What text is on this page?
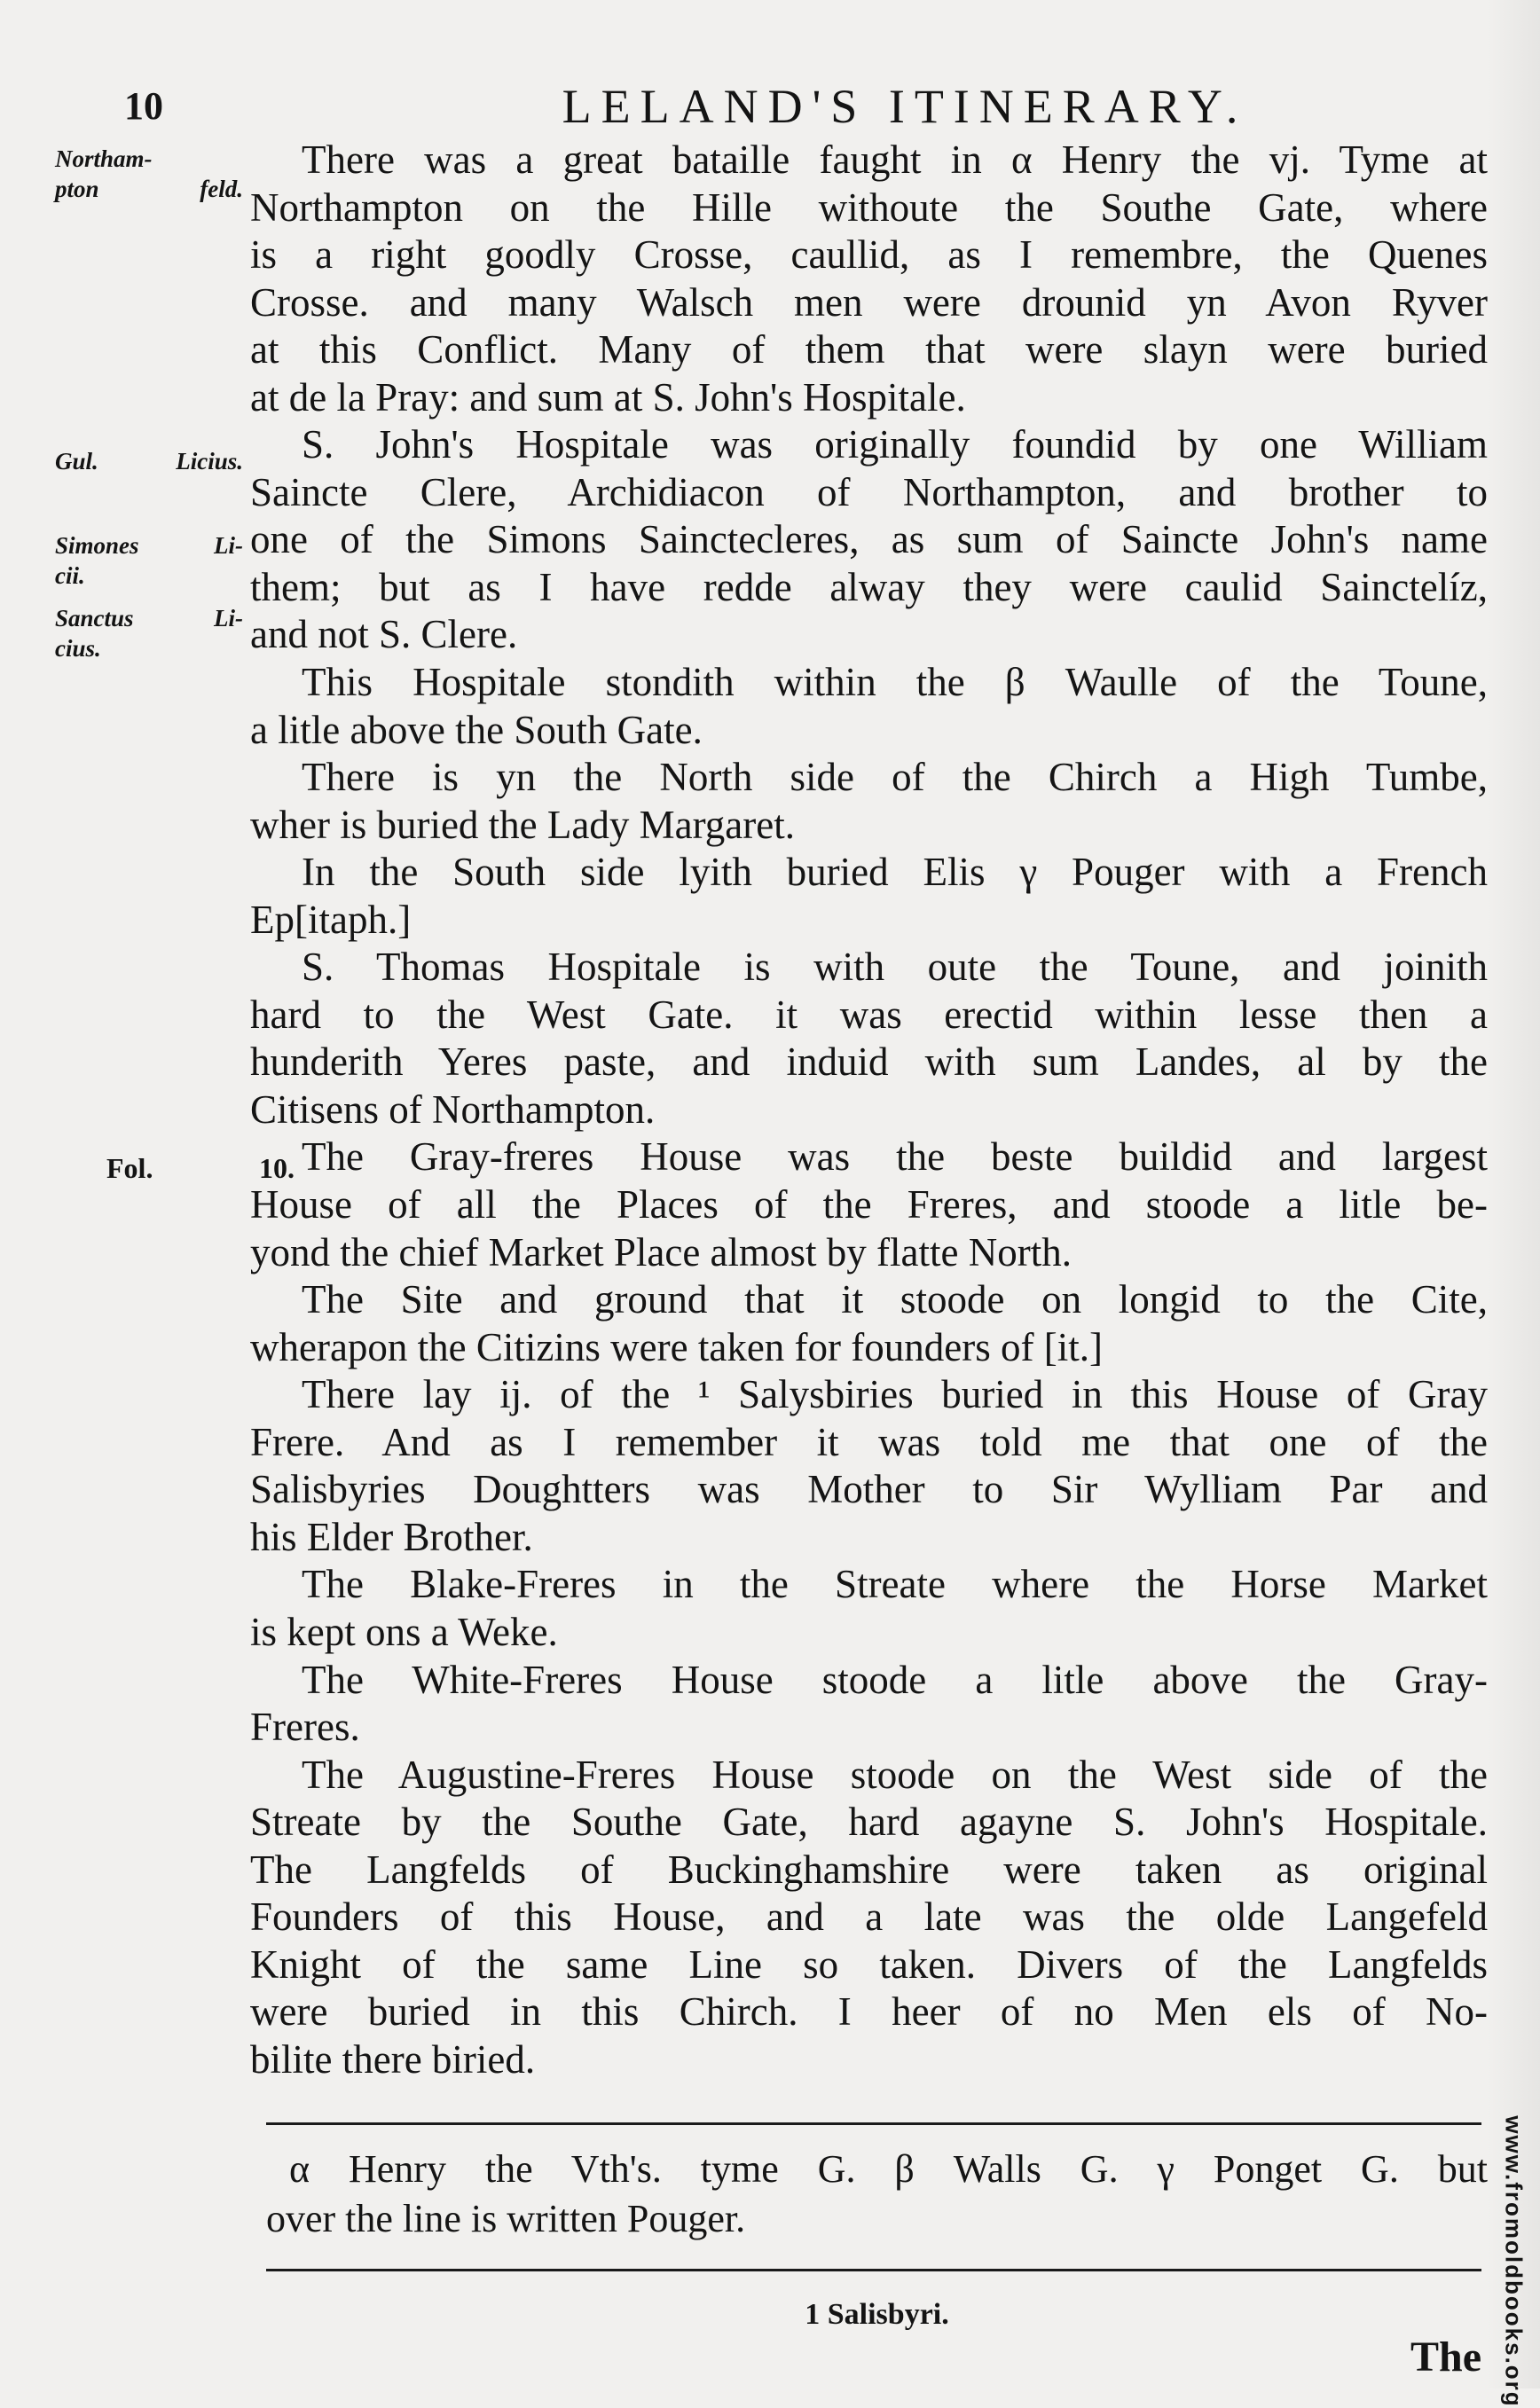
10	LELAND'S ITINERARY.
Northam-
pton feld.
Gul. Licius.
Simones Li-
cii.
Sanctus Li-
cius.
Fol. 10.
There was a great bataille faught in α Henry the vj. Tyme at
Northampton on the Hille withoute the Southe Gate, where
is a right goodly Crosse, caullid, as I remembre, the Quenes
Crosse. and many Walsch men were drounid yn Avon Ryver
at this Conflict. Many of them that were slayn were buried
at de la Pray: and sum at S. John's Hospitale.
S. John's Hospitale was originally foundid by one William
Saincte Clere, Archidiacon of Northampton, and brother to
one of the Simons Sainctecleres, as sum of Saincte John's name
them; but as I have redde alway they were caulid Sainctelíz,
and not S. Clere.
This Hospitale stondith within the β Waulle of the Toune,
a litle above the South Gate.
There is yn the North side of the Chirch a High Tumbe,
wher is buried the Lady Margaret.
In the South side lyith buried Elis γ Pouger with a French
Ep[itaph.]
S. Thomas Hospitale is with oute the Toune, and joinith
hard to the West Gate. it was erectid within lesse then a
hunderith Yeres paste, and induid with sum Landes, al by the
Citisens of Northampton.
The Gray-freres House was the beste buildid and largest
House of all the Places of the Freres, and stoode a litle be-
yond the chief Market Place almost by flatte North.
The Site and ground that it stoode on longid to the Cite,
wherapon the Citizins were taken for founders of [it.]
There lay ij. of the ¹ Salysbiries buried in this House of Gray
Frere. And as I remember it was told me that one of the
Salisbyries Doughtters was Mother to Sir Wylliam Par and
his Elder Brother.
The Blake-Freres in the Streate where the Horse Market
is kept ons a Weke.
The White-Freres House stoode a litle above the Gray-
Freres.
The Augustine-Freres House stoode on the West side of the
Streate by the Southe Gate, hard agayne S. John's Hospitale.
The Langfelds of Buckinghamshire were taken as original
Founders of this House, and a late was the olde Langefeld
Knight of the same Line so taken. Divers of the Langfelds
were buried in this Chirch. I heer of no Men els of No-
bilite there biried.
α Henry the Vth's. tyme G. β Walls G. γ Ponget G. but
over the line is written Pouger.
1 Salisbyri.
The www.fromoldbooks.org
